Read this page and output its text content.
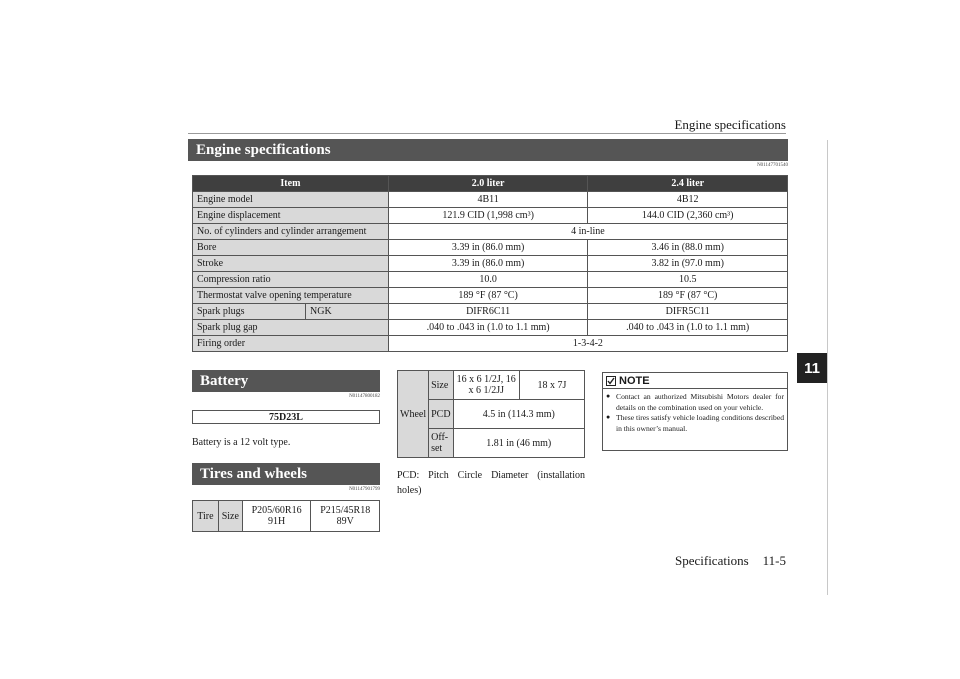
Engine specifications
11
Specifications 11-5
Engine specifications
N01147701540
Item	2.0 liter	2.4 liter
Engine model	4B11	4B12
Engine displacement	121.9 CID (1,998 cm³)	144.0 CID (2,360 cm³)
No. of cylinders and cylinder arrangement	4 in-line	
Bore	3.39 in (86.0 mm)	3.46 in (88.0 mm)
Stroke	3.39 in (86.0 mm)	3.82 in (97.0 mm)
Compression ratio	10.0	10.5
Thermostat valve opening temperature	189 °F (87 °C)	189 °F (87 °C)

Spark plugs NGK	DIFR6C11	DIFR5C11
Spark plug gap	.040 to .043 in (1.0 to 1.1 mm)	.040 to .043 in (1.0 to 1.1 mm)
Firing order	1-3-4-2	
Battery
N01147800182
75D23L
Battery is a 12 volt type.
Tires and wheels
N01147901799
Tire	Size	P205/60R16 91H	P215/45R18 89V
Wheel	Size	16 x 6 1/2J, 16 x 6 1/2JJ	18 x 7J
	PCD	4.5 in (114.3 mm)	
	Off-set	1.81 in (46 mm)	
PCD: Pitch Circle Diameter (installation holes)
NOTE
● Contact an authorized Mitsubishi Motors dealer for details on the combination used on your vehicle.
● These tires satisfy vehicle loading conditions described in this owner’s manual.
